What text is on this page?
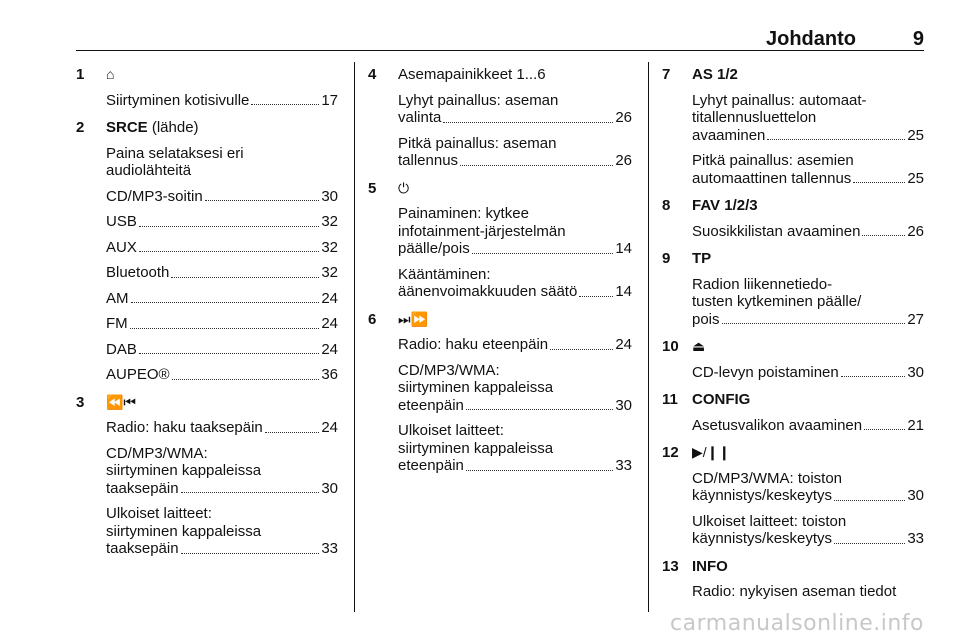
Johdanto	9
1 ⌂
Siirtyminen kotisivulle	17
2 SRCE (lähde)
Paina selataksesi eri
audiolähteitä
CD/MP3-soitin	30
USB	32
AUX	32
Bluetooth	32
AM	24
FM	24
DAB	24
AUPEO®	36
3 ⏪⏮
Radio: haku taaksepäin	24
CD/MP3/WMA:
siirtyminen kappaleissa
taaksepäin	30
Ulkoiset laitteet:
siirtyminen kappaleissa
taaksepäin	33
4 Asemapainikkeet 1...6
Lyhyt painallus: aseman
valinta	26
Pitkä painallus: aseman
tallennus	26
5 ⏻
Painaminen: kytkee
infotainment-järjestelmän
päälle/pois	14
Kääntäminen:
äänenvoimakkuuden säätö	14
6 ⏭⏩
Radio: haku eteenpäin	24
CD/MP3/WMA:
siirtyminen kappaleissa
eteenpäin	30
Ulkoiset laitteet:
siirtyminen kappaleissa
eteenpäin	33
7 AS 1/2
Lyhyt painallus: automaat-
titallennusluettelon
avaaminen	25
Pitkä painallus: asemien
automaattinen tallennus	25
8 FAV 1/2/3
Suosikkilistan avaaminen	26
9 TP
Radion liikennetiedo-
tusten kytkeminen päälle/
pois	27
10 ⏏
CD-levyn poistaminen	30
11 CONFIG
Asetusvalikon avaaminen	21
12 ▶/❙❙
CD/MP3/WMA: toiston
käynnistys/keskeytys	30
Ulkoiset laitteet: toiston
käynnistys/keskeytys	33
13 INFO
Radio: nykyisen aseman tiedot
carmanualsonline.info
